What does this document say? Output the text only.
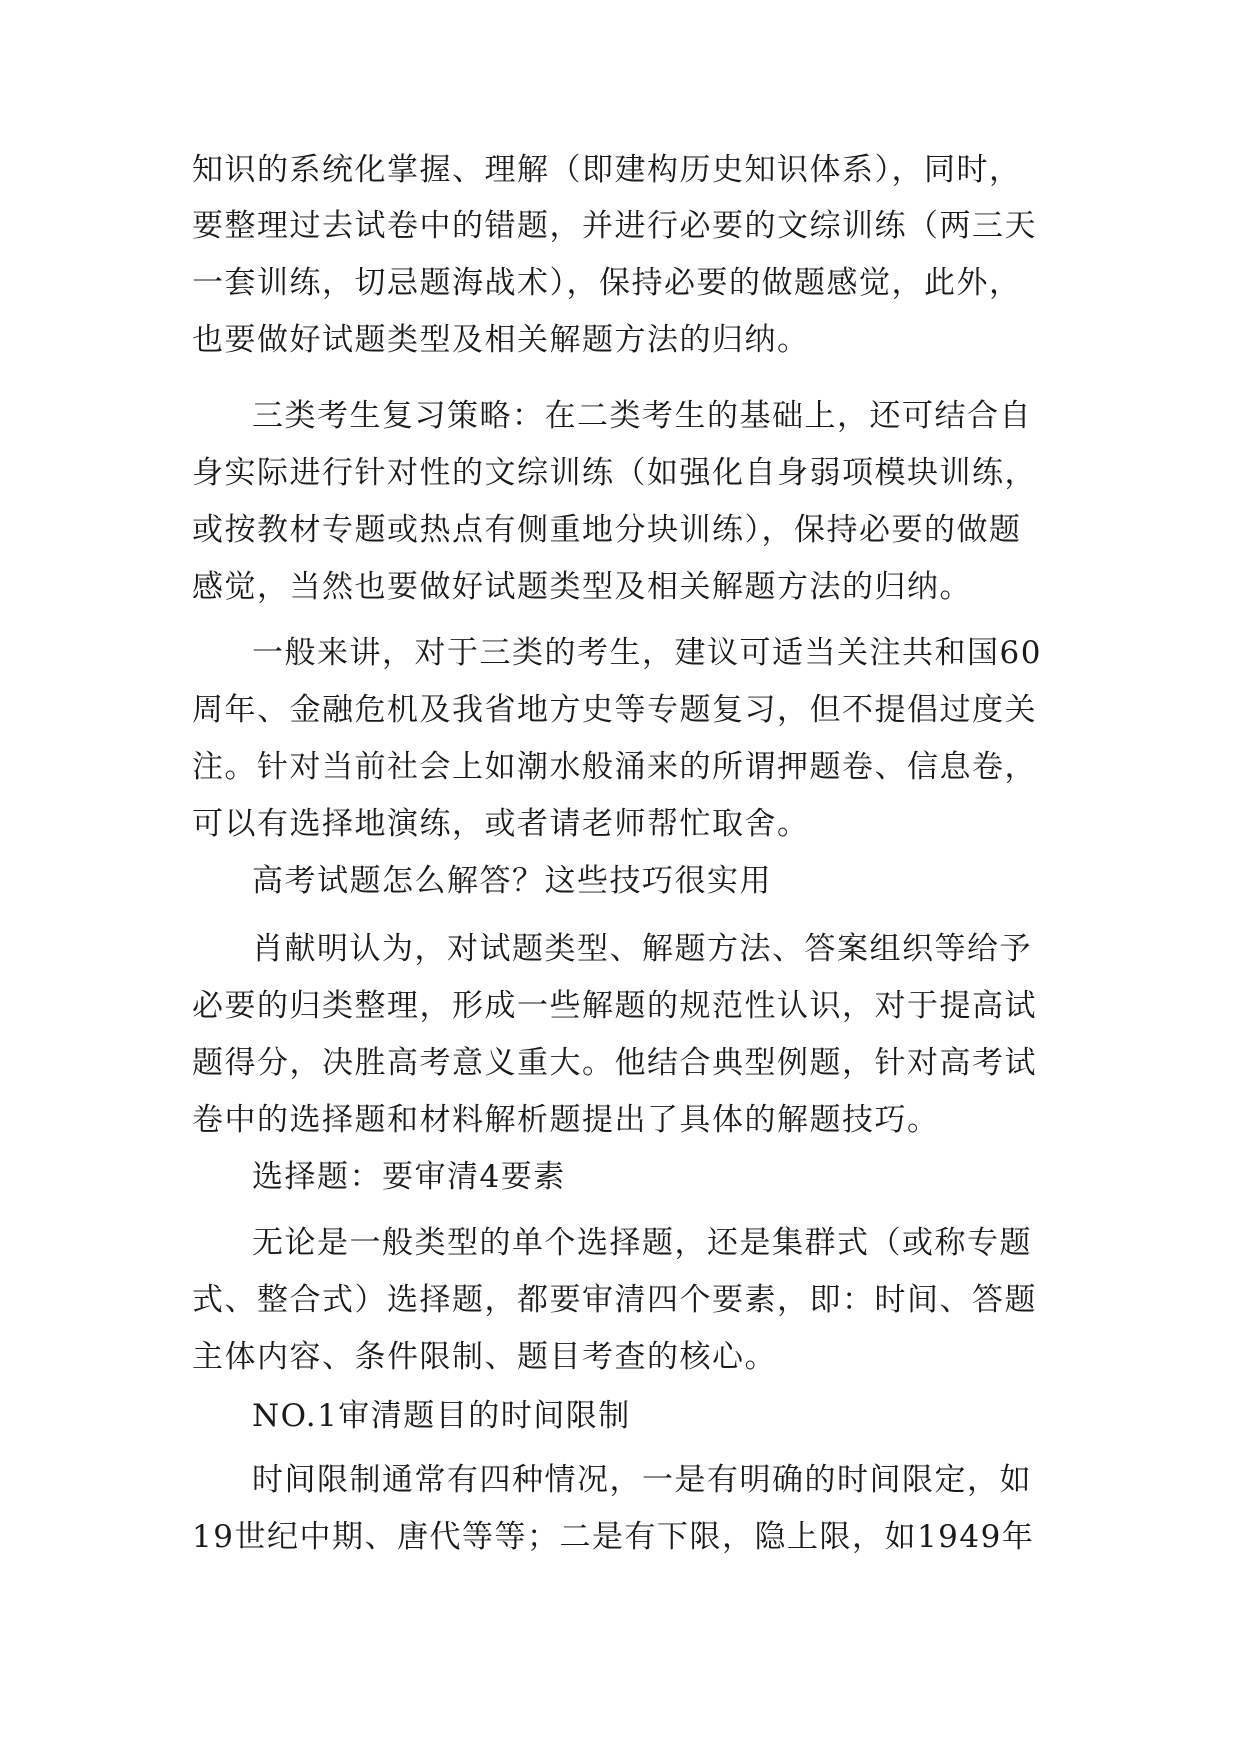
知识的系统化掌握、理解（即建构历史知识体系），同时，
要整理过去试卷中的错题，并进行必要的文综训练（两三天
一套训练，切忌题海战术），保持必要的做题感觉，此外，
也要做好试题类型及相关解题方法的归纳。
三类考生复习策略：在二类考生的基础上，还可结合自
身实际进行针对性的文综训练（如强化自身弱项模块训练，
或按教材专题或热点有侧重地分块训练），保持必要的做题
感觉，当然也要做好试题类型及相关解题方法的归纳。
一般来讲，对于三类的考生，建议可适当关注共和国60
周年、金融危机及我省地方史等专题复习，但不提倡过度关
注。针对当前社会上如潮水般涌来的所谓押题卷、信息卷，
可以有选择地演练，或者请老师帮忙取舍。
高考试题怎么解答？这些技巧很实用
肖献明认为，对试题类型、解题方法、答案组织等给予
必要的归类整理，形成一些解题的规范性认识，对于提高试
题得分，决胜高考意义重大。他结合典型例题，针对高考试
卷中的选择题和材料解析题提出了具体的解题技巧。
选择题：要审清4要素
无论是一般类型的单个选择题，还是集群式（或称专题
式、整合式）选择题，都要审清四个要素，即：时间、答题
主体内容、条件限制、题目考查的核心。
NO.1审清题目的时间限制
时间限制通常有四种情况，一是有明确的时间限定，如
19世纪中期、唐代等等；二是有下限，隐上限，如1949年
